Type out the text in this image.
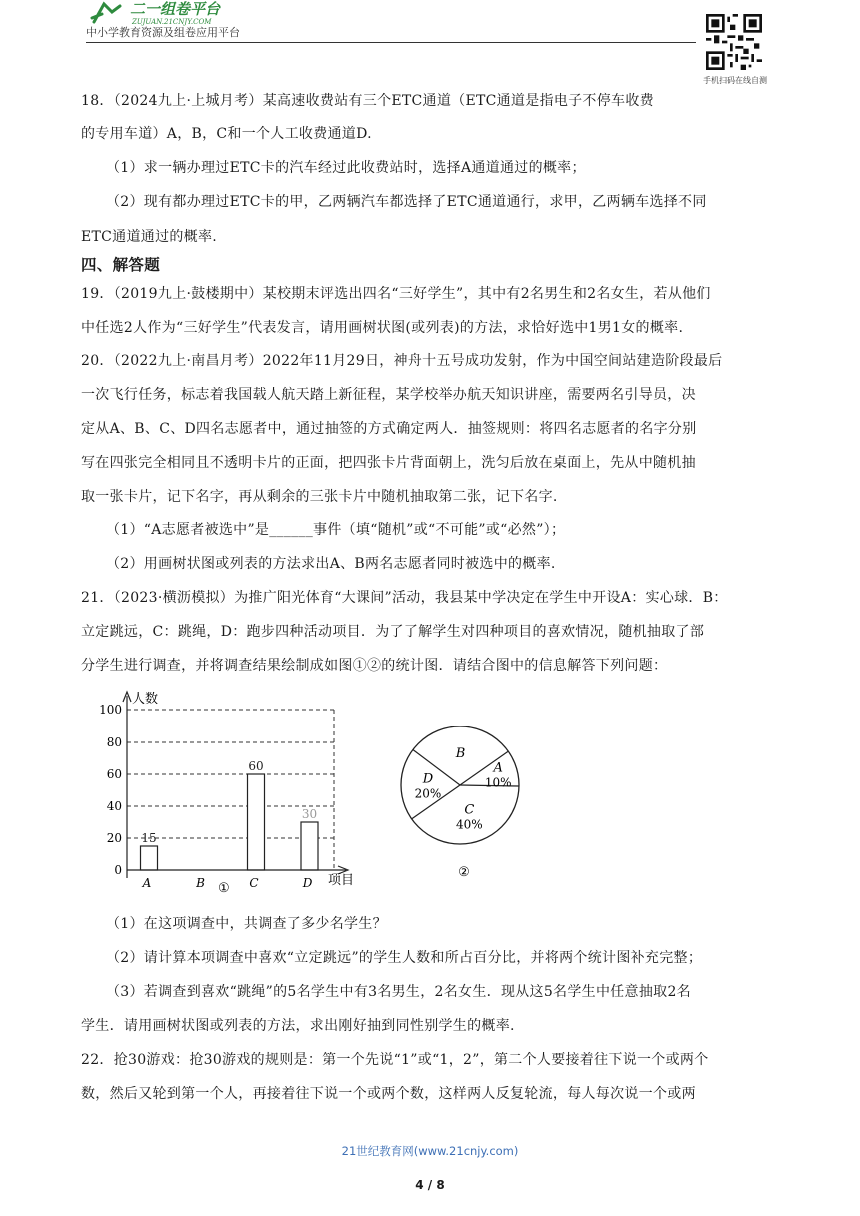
二一组卷平台
ZUJUAN.21CNJY.COM
中小学教育资源及组卷应用平台
手机扫码在线自测
18．（2024九上·上城月考）某高速收费站有三个ETC通道（ETC通道是指电子不停车收费
的专用车道）A，B，C和一个人工收费通道D.
（1）求一辆办理过ETC卡的汽车经过此收费站时，选择A通道通过的概率；
（2）现有都办理过ETC卡的甲，乙两辆汽车都选择了ETC通道通行，求甲，乙两辆车选择不同
ETC通道通过的概率.
四、解答题
19．（2019九上·鼓楼期中）某校期末评选出四名“三好学生”，其中有2名男生和2名女生，若从他们
中任选2人作为“三好学生”代表发言，请用画树状图(或列表)的方法，求恰好选中1男1女的概率.
20．（2022九上·南昌月考）2022年11月29日，神舟十五号成功发射，作为中国空间站建造阶段最后
一次飞行任务，标志着我国载人航天踏上新征程，某学校举办航天知识讲座，需要两名引导员，决
定从A、B、C、D四名志愿者中，通过抽签的方式确定两人．抽签规则：将四名志愿者的名字分别
写在四张完全相同且不透明卡片的正面，把四张卡片背面朝上，洗匀后放在桌面上，先从中随机抽
取一张卡片，记下名字，再从剩余的三张卡片中随机抽取第二张，记下名字.
（1）“A志愿者被选中”是______事件（填“随机”或“不可能”或“必然”）；
（2）用画树状图或列表的方法求出A、B两名志愿者同时被选中的概率.
21．（2023·横沥模拟）为推广阳光体育“大课间”活动，我县某中学决定在学生中开设A：实心球．B：
立定跳远，C：跳绳，D：跑步四种活动项目．为了了解学生对四种项目的喜欢情况，随机抽取了部
分学生进行调查，并将调查结果绘制成如图①②的统计图．请结合图中的信息解答下列问题：
15
60
30
人数
项目
①
0
20
40
60
80
100
A	B	C	D
A
10%
B
D
20%
C
40%
②
（1）在这项调查中，共调查了多少名学生？
（2）请计算本项调查中喜欢“立定跳远”的学生人数和所占百分比，并将两个统计图补充完整；
（3）若调查到喜欢“跳绳”的5名学生中有3名男生，2名女生．现从这5名学生中任意抽取2名
学生．请用画树状图或列表的方法，求出刚好抽到同性别学生的概率.
22．抢30游戏：抢30游戏的规则是：第一个先说“1”或“1，2”，第二个人要接着往下说一个或两个
数，然后又轮到第一个人，再接着往下说一个或两个数，这样两人反复轮流，每人每次说一个或两
21世纪教育网(www.21cnjy.com)
4 / 8
